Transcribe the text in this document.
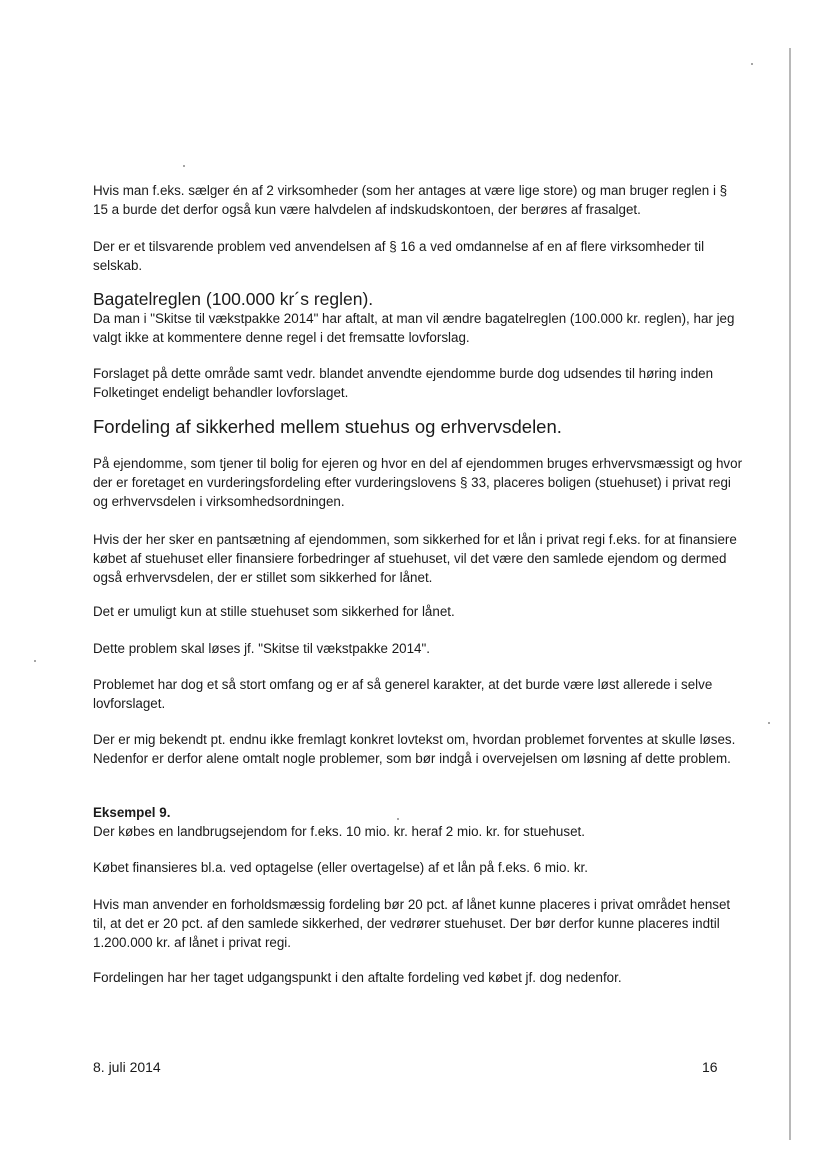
Hvis man f.eks. sælger én af 2 virksomheder (som her antages at være lige store) og man bruger reglen i § 15 a burde det derfor også kun være halvdelen af indskudskontoen, der berøres af frasalget.

Der er et tilsvarende problem ved anvendelsen af § 16 a ved omdannelse af en af flere virksomheder til selskab.

Bagatelreglen (100.000 kr´s reglen).

Da man i "Skitse til vækstpakke 2014" har aftalt, at man vil ændre bagatelreglen (100.000 kr. reglen), har jeg valgt ikke at kommentere denne regel i det fremsatte lovforslag.

Forslaget på dette område samt vedr. blandet anvendte ejendomme burde dog udsendes til høring inden Folketinget endeligt behandler lovforslaget.

Fordeling af sikkerhed mellem stuehus og erhvervsdelen.

På ejendomme, som tjener til bolig for ejeren og hvor en del af ejendommen bruges erhvervsmæssigt og hvor der er foretaget en vurderingsfordeling efter vurderingslovens § 33, placeres boligen (stuehuset) i privat regi og erhvervsdelen i virksomhedsordningen.

Hvis der her sker en pantsætning af ejendommen, som sikkerhed for et lån i privat regi f.eks. for at finansiere købet af stuehuset eller finansiere forbedringer af stuehuset, vil det være den samlede ejendom og dermed også erhvervsdelen, der er stillet som sikkerhed for lånet.

Det er umuligt kun at stille stuehuset som sikkerhed for lånet.

Dette problem skal løses jf. "Skitse til vækstpakke 2014".

Problemet har dog et så stort omfang og er af så generel karakter, at det burde være løst allerede i selve lovforslaget.

Der er mig bekendt pt. endnu ikke fremlagt konkret lovtekst om, hvordan problemet forventes at skulle løses. Nedenfor er derfor alene omtalt nogle problemer, som bør indgå i overvejelsen om løsning af dette problem.

Eksempel 9.

Der købes en landbrugsejendom for f.eks. 10 mio. kr. heraf 2 mio. kr. for stuehuset.

Købet finansieres bl.a. ved optagelse (eller overtagelse) af et lån på f.eks. 6 mio. kr.

Hvis man anvender en forholdsmæssig fordeling bør 20 pct. af lånet kunne placeres i privat området henset til, at det er 20 pct. af den samlede sikkerhed, der vedrører stuehuset. Der bør derfor kunne placeres indtil 1.200.000 kr. af lånet i privat regi.

Fordelingen har her taget udgangspunkt i den aftalte fordeling ved købet jf. dog nedenfor.

8. juli 2014	16
